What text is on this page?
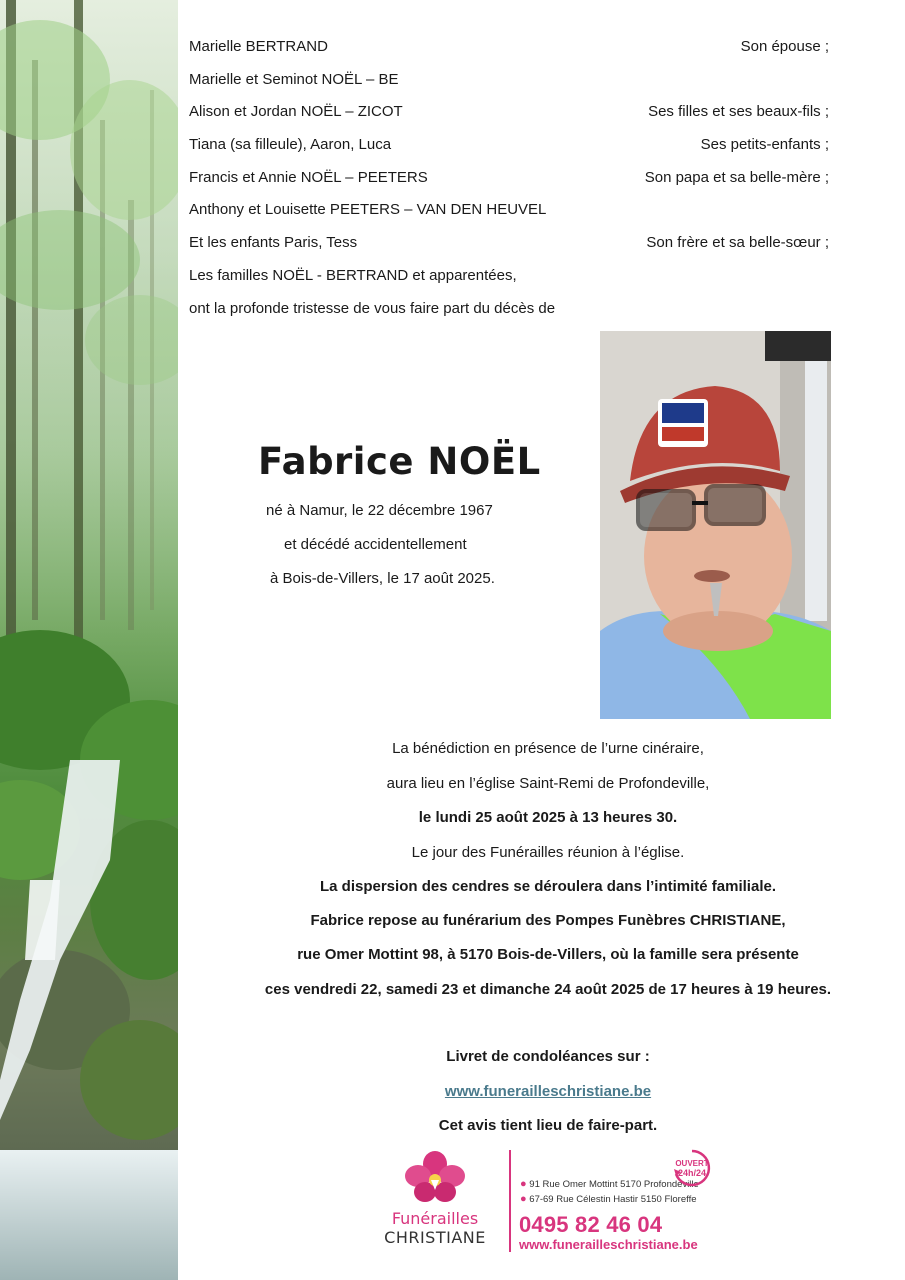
Marielle BERTRAND	Son épouse ;
Marielle et Seminot NOËL – BE
Alison et Jordan NOËL – ZICOT	Ses filles et ses beaux-fils ;
Tiana (sa filleule), Aaron, Luca	Ses petits-enfants ;
Francis et Annie NOËL – PEETERS	Son papa et sa belle-mère ;
Anthony et Louisette PEETERS – VAN DEN HEUVEL
Et les enfants Paris, Tess	Son frère et sa belle-sœur ;
Les familles NOËL - BERTRAND et apparentées,
ont la profonde tristesse de vous faire part du décès de
Fabrice NOËL
né à Namur, le 22 décembre 1967
et décédé accidentellement
à Bois-de-Villers, le 17 août 2025.
La bénédiction en présence de l’urne cinéraire,
aura lieu en l’église Saint-Remi de Profondeville,
le lundi 25 août 2025 à 13 heures 30.
Le jour des Funérailles réunion à l’église.
La dispersion des cendres se déroulera dans l’intimité familiale.
Fabrice repose au funérarium des Pompes Funèbres CHRISTIANE,
rue Omer Mottint 98, à 5170 Bois-de-Villers, où la famille sera présente
ces vendredi 22, samedi 23 et dimanche 24 août 2025 de 17 heures à 19 heures.
Livret de condoléances sur :
www.funerailleschristiane.be
Cet avis tient lieu de faire-part.
Funérailles
CHRISTIANE
● 91 Rue Omer Mottint 5170 Profondeville
● 67-69 Rue Célestin Hastir 5150 Floreffe
OUVERT
24h/24
0495 82 46 04
www.funerailleschristiane.be
